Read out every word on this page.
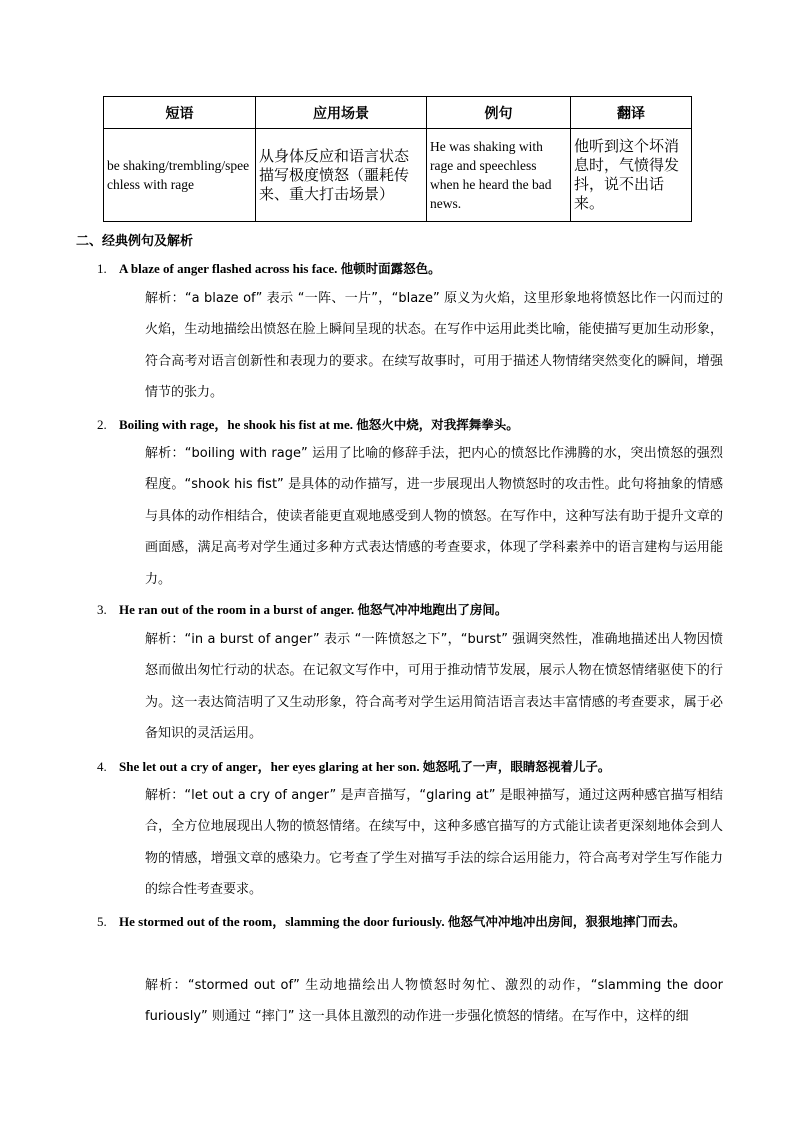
短语	应用场景	例句	翻译
be shaking/trembling/speechless with rage	从身体反应和语言状态描写极度愤怒（噩耗传来、重大打击场景）	He was shaking with rage and speechless when he heard the bad news.	他听到这个坏消息时，气愤得发抖，说不出话来。
二、经典例句及解析
1. A blaze of anger flashed across his face. 他顿时面露怒色。
解析：“a blaze of” 表示 “一阵、一片”，“blaze” 原义为火焰，这里形象地将愤怒比作一闪而过的火焰，生动地描绘出愤怒在脸上瞬间呈现的状态。在写作中运用此类比喻，能使描写更加生动形象，符合高考对语言创新性和表现力的要求。在续写故事时，可用于描述人物情绪突然变化的瞬间，增强情节的张力。
2. Boiling with rage，he shook his fist at me. 他怒火中烧，对我挥舞拳头。
解析：“boiling with rage” 运用了比喻的修辞手法，把内心的愤怒比作沸腾的水，突出愤怒的强烈程度。“shook his fist” 是具体的动作描写，进一步展现出人物愤怒时的攻击性。此句将抽象的情感与具体的动作相结合，使读者能更直观地感受到人物的愤怒。在写作中，这种写法有助于提升文章的画面感，满足高考对学生通过多种方式表达情感的考查要求，体现了学科素养中的语言建构与运用能力。
3. He ran out of the room in a burst of anger. 他怒气冲冲地跑出了房间。
解析：“in a burst of anger” 表示 “一阵愤怒之下”，“burst” 强调突然性，准确地描述出人物因愤怒而做出匆忙行动的状态。在记叙文写作中，可用于推动情节发展，展示人物在愤怒情绪驱使下的行为。这一表达简洁明了又生动形象，符合高考对学生运用简洁语言表达丰富情感的考查要求，属于必备知识的灵活运用。
4. She let out a cry of anger，her eyes glaring at her son. 她怒吼了一声，眼睛怒视着儿子。
解析：“let out a cry of anger” 是声音描写，“glaring at” 是眼神描写，通过这两种感官描写相结合，全方位地展现出人物的愤怒情绪。在续写中，这种多感官描写的方式能让读者更深刻地体会到人物的情感，增强文章的感染力。它考查了学生对描写手法的综合运用能力，符合高考对学生写作能力的综合性考查要求。
5. He stormed out of the room，slamming the door furiously. 他怒气冲冲地冲出房间，狠狠地摔门而去。
解析：“stormed out of” 生动地描绘出人物愤怒时匆忙、激烈的动作，“slamming the door furiously” 则通过 “摔门” 这一具体且激烈的动作进一步强化愤怒的情绪。在写作中，这样的细
